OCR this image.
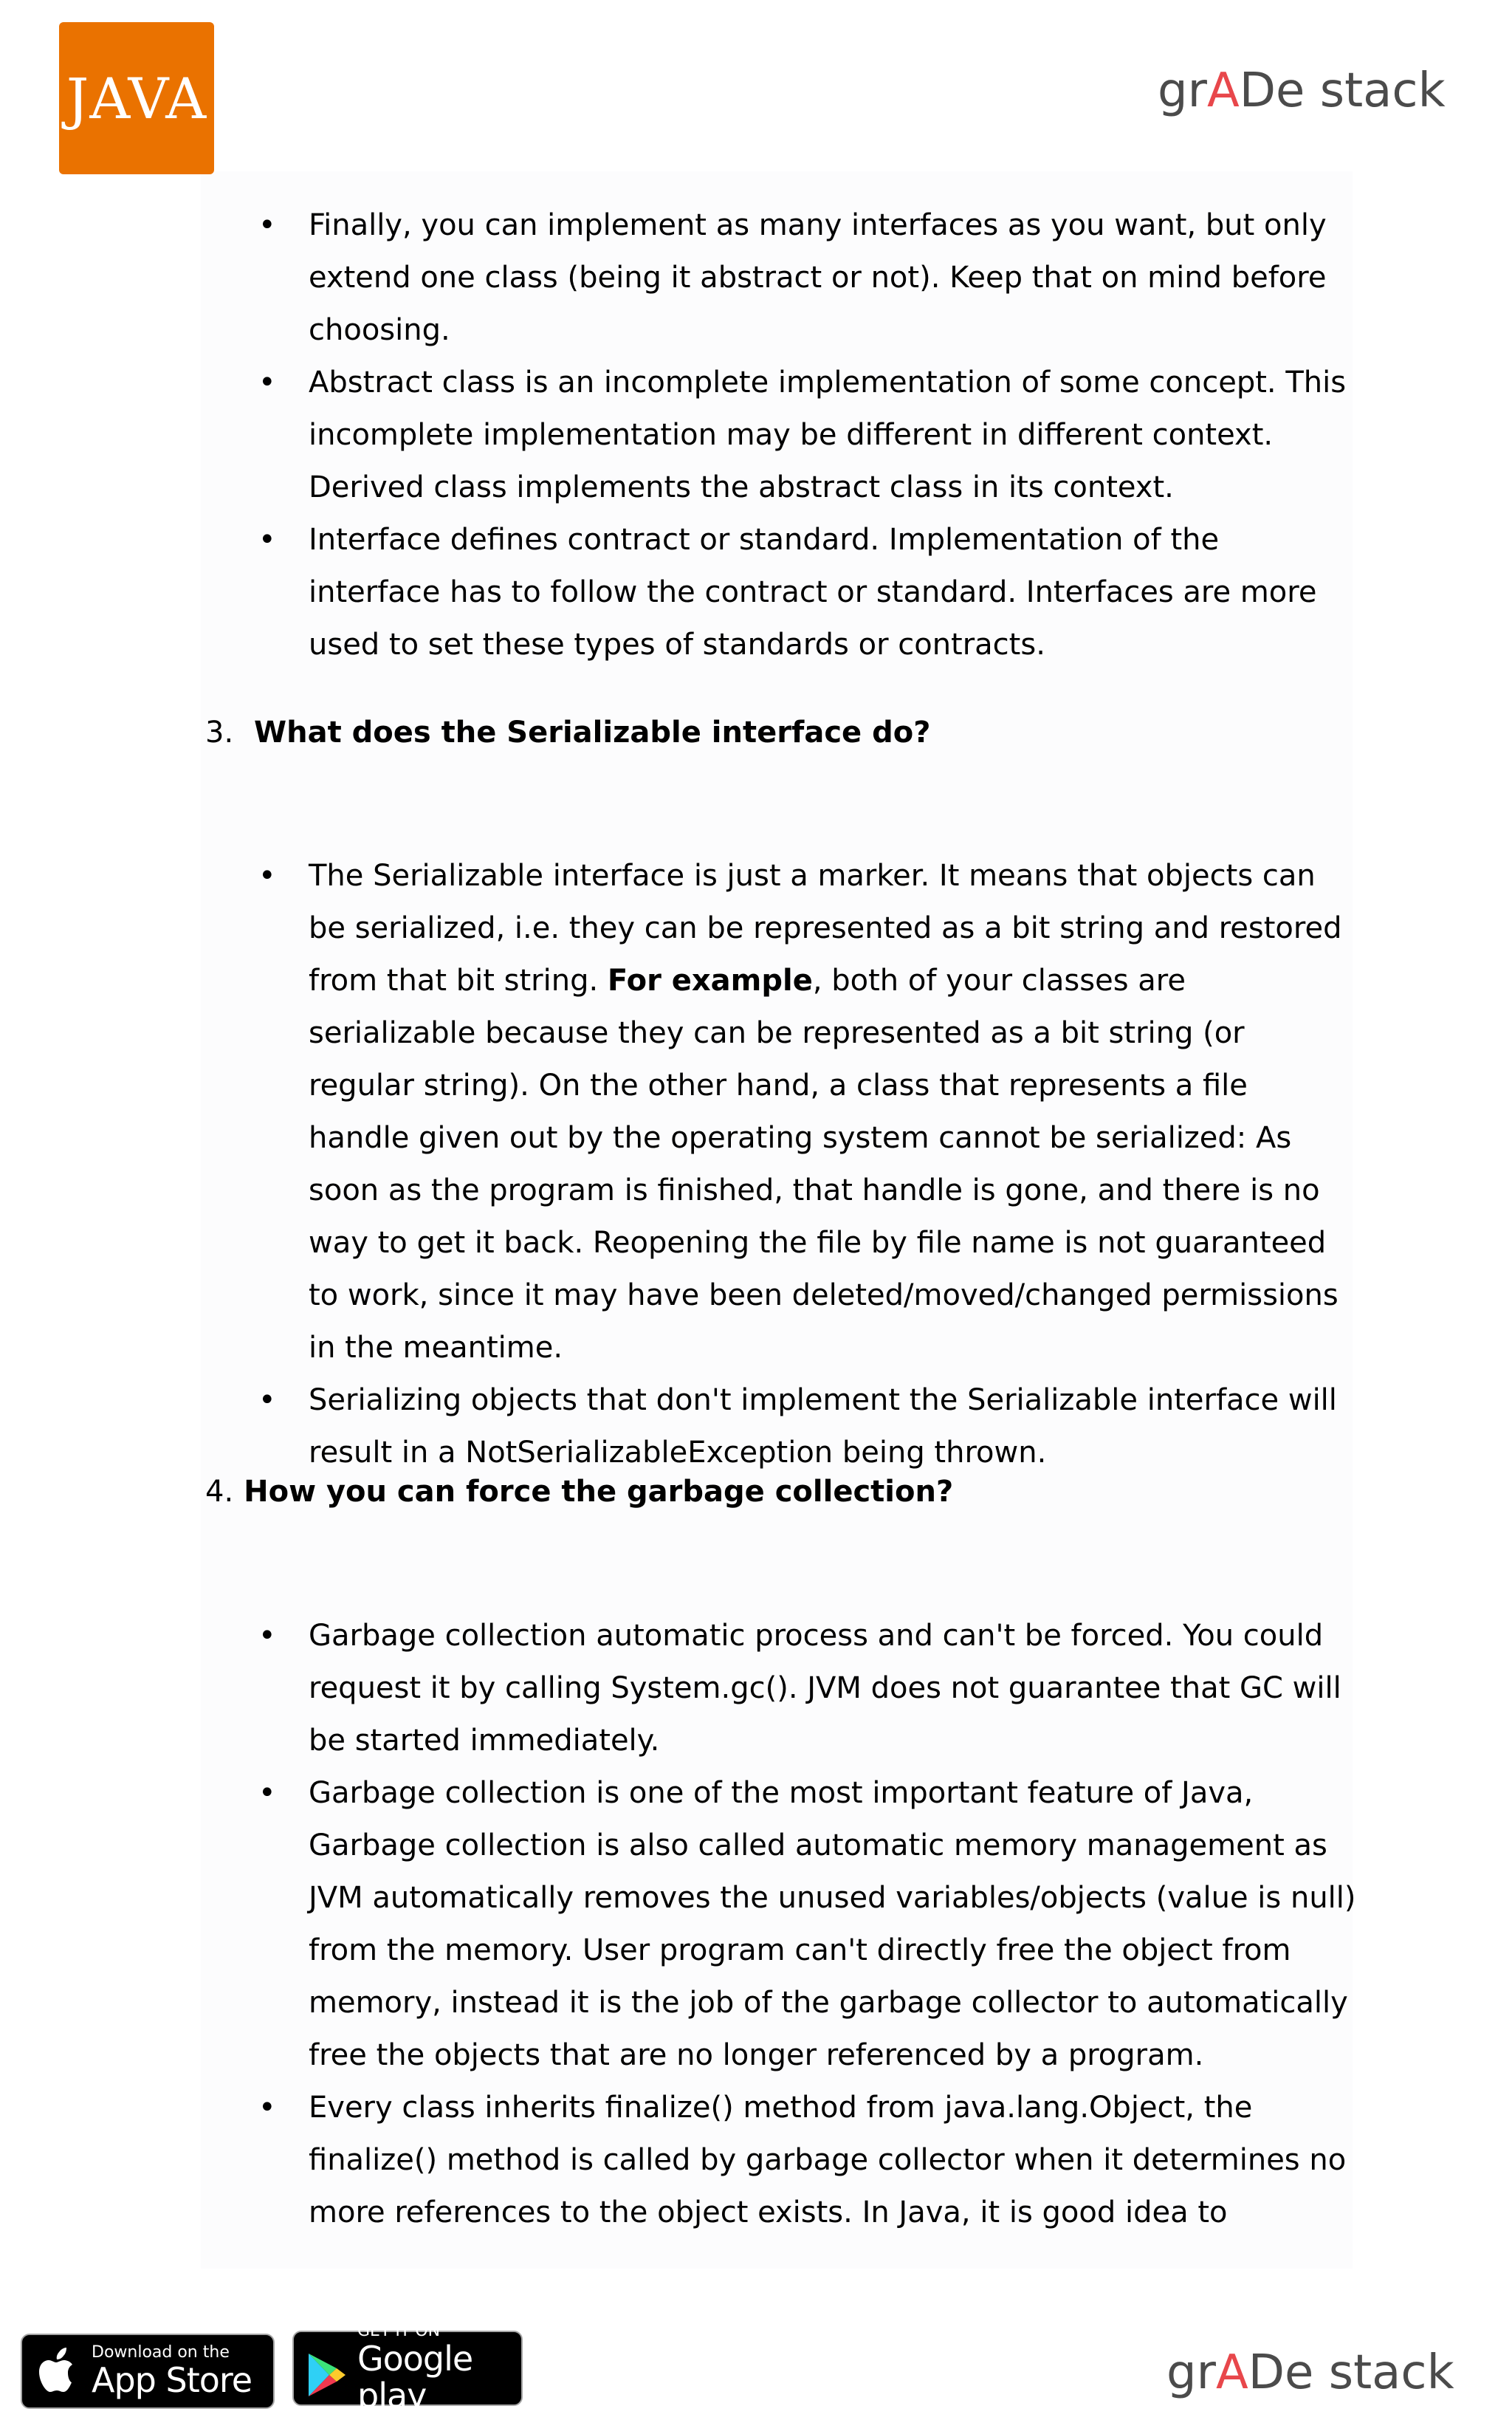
JAVA	grADe stack
• Finally, you can implement as many interfaces as you want, but only extend one class (being it abstract or not). Keep that on mind before choosing.
• Abstract class is an incomplete implementation of some concept. This incomplete implementation may be different in different context. Derived class implements the abstract class in its context.
• Interface defines contract or standard. Implementation of the interface has to follow the contract or standard. Interfaces are more used to set these types of standards or contracts.
3. What does the Serializable interface do?
• The Serializable interface is just a marker. It means that objects can be serialized, i.e. they can be represented as a bit string and restored from that bit string. For example, both of your classes are serializable because they can be represented as a bit string (or regular string). On the other hand, a class that represents a file handle given out by the operating system cannot be serialized: As soon as the program is finished, that handle is gone, and there is no way to get it back. Reopening the file by file name is not guaranteed to work, since it may have been deleted/moved/changed permissions in the meantime.
• Serializing objects that don't implement the Serializable interface will result in a NotSerializableException being thrown.
4. How you can force the garbage collection?
• Garbage collection automatic process and can't be forced. You could request it by calling System.gc(). JVM does not guarantee that GC will be started immediately.
• Garbage collection is one of the most important feature of Java, Garbage collection is also called automatic memory management as JVM automatically removes the unused variables/objects (value is null) from the memory. User program can't directly free the object from memory, instead it is the job of the garbage collector to automatically free the objects that are no longer referenced by a program.
• Every class inherits finalize() method from java.lang.Object, the finalize() method is called by garbage collector when it determines no more references to the object exists. In Java, it is good idea to
Download on the
App Store
GET IT ON
Google play	grADe stack
